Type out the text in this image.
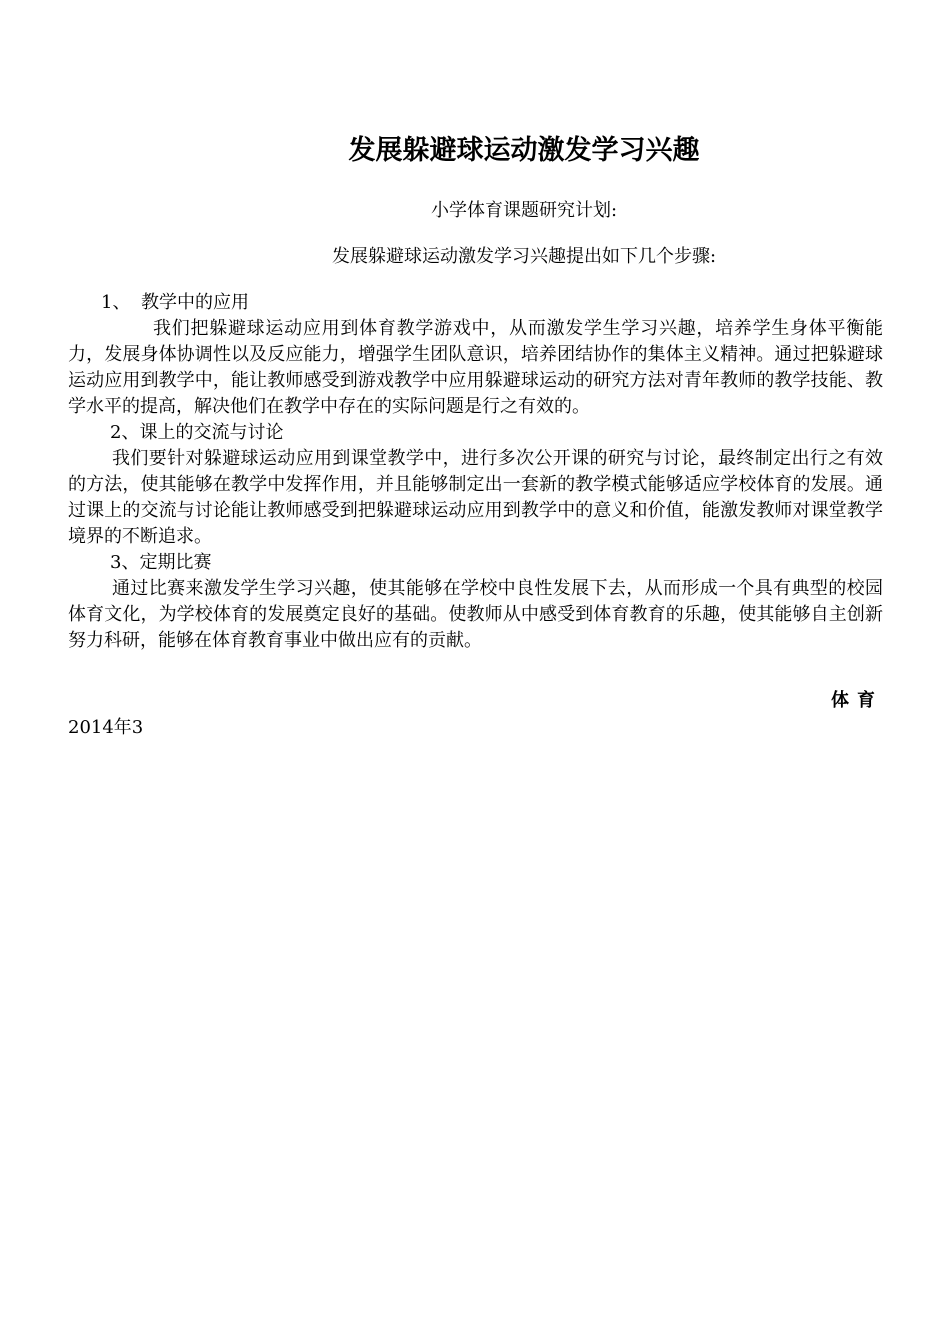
发展躲避球运动激发学习兴趣
小学体育课题研究计划:
发展躲避球运动激发学习兴趣提出如下几个步骤:
1、 教学中的应用

我们把躲避球运动应用到体育教学游戏中，从而激发学生学习兴趣，培养学生身体平衡能力，发展身体协调性以及反应能力，增强学生团队意识，培养团结协作的集体主义精神。通过把躲避球运动应用到教学中，能让教师感受到游戏教学中应用躲避球运动的研究方法对青年教师的教学技能、教学水平的提高，解决他们在教学中存在的实际问题是行之有效的。

2、课上的交流与讨论

我们要针对躲避球运动应用到课堂教学中，进行多次公开课的研究与讨论，最终制定出行之有效的方法，使其能够在教学中发挥作用，并且能够制定出一套新的教学模式能够适应学校体育的发展。通过课上的交流与讨论能让教师感受到把躲避球运动应用到教学中的意义和价值，能激发教师对课堂教学境界的不断追求。

3、定期比赛

通过比赛来激发学生学习兴趣，使其能够在学校中良性发展下去，从而形成一个具有典型的校园体育文化，为学校体育的发展奠定良好的基础。使教师从中感受到体育教育的乐趣，使其能够自主创新努力科研，能够在体育教育事业中做出应有的贡献。

体育
2014年3
